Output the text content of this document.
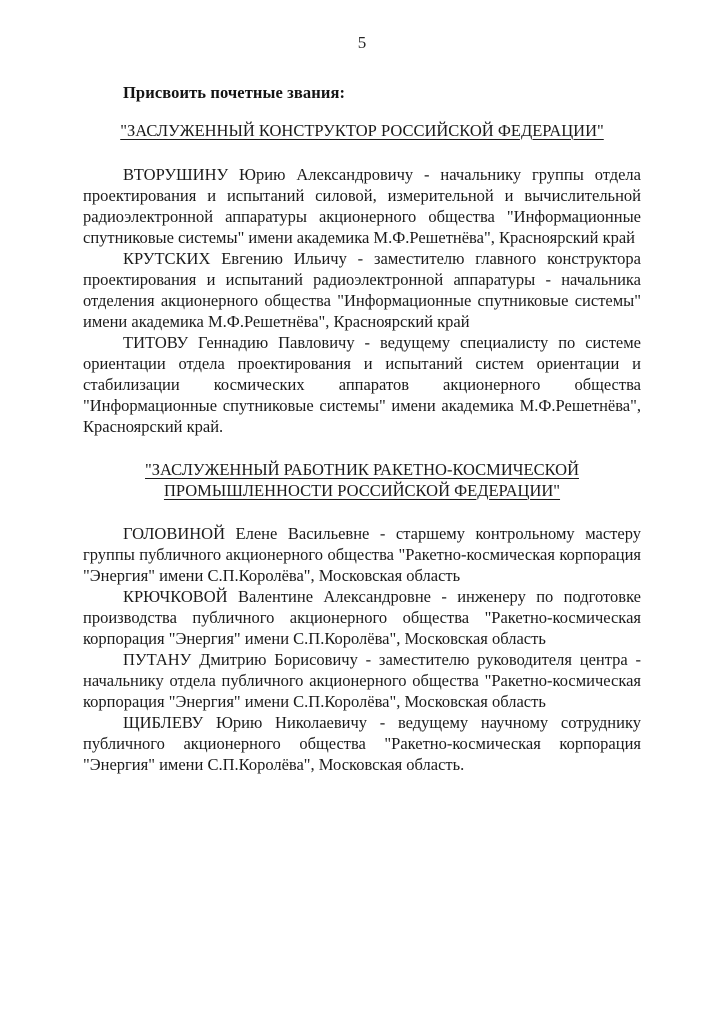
5

Присвоить почетные звания:

"ЗАСЛУЖЕННЫЙ КОНСТРУКТОР РОССИЙСКОЙ ФЕДЕРАЦИИ"

ВТОРУШИНУ Юрию Александровичу - начальнику группы отдела проектирования и испытаний силовой, измерительной и вычислительной радиоэлектронной аппаратуры акционерного общества "Информационные спутниковые системы" имени академика М.Ф.Решетнёва", Красноярский край

КРУТСКИХ Евгению Ильичу - заместителю главного конструктора проектирования и испытаний радиоэлектронной аппаратуры - начальника отделения акционерного общества "Информационные спутниковые системы" имени академика М.Ф.Решетнёва", Красноярский край

ТИТОВУ Геннадию Павловичу - ведущему специалисту по системе ориентации отдела проектирования и испытаний систем ориентации и стабилизации космических аппаратов акционерного общества "Информационные спутниковые системы" имени академика М.Ф.Решетнёва", Красноярский край.

"ЗАСЛУЖЕННЫЙ РАБОТНИК РАКЕТНО-КОСМИЧЕСКОЙ
ПРОМЫШЛЕННОСТИ РОССИЙСКОЙ ФЕДЕРАЦИИ"

ГОЛОВИНОЙ Елене Васильевне - старшему контрольному мастеру группы публичного акционерного общества "Ракетно-космическая корпорация "Энергия" имени С.П.Королёва", Московская область

КРЮЧКОВОЙ Валентине Александровне - инженеру по подготовке производства публичного акционерного общества "Ракетно-космическая корпорация "Энергия" имени С.П.Королёва", Московская область

ПУТАНУ Дмитрию Борисовичу - заместителю руководителя центра - начальнику отдела публичного акционерного общества "Ракетно-космическая корпорация "Энергия" имени С.П.Королёва", Московская область

ЩИБЛЕВУ Юрию Николаевичу - ведущему научному сотруднику публичного акционерного общества "Ракетно-космическая корпорация "Энергия" имени С.П.Королёва", Московская область.
